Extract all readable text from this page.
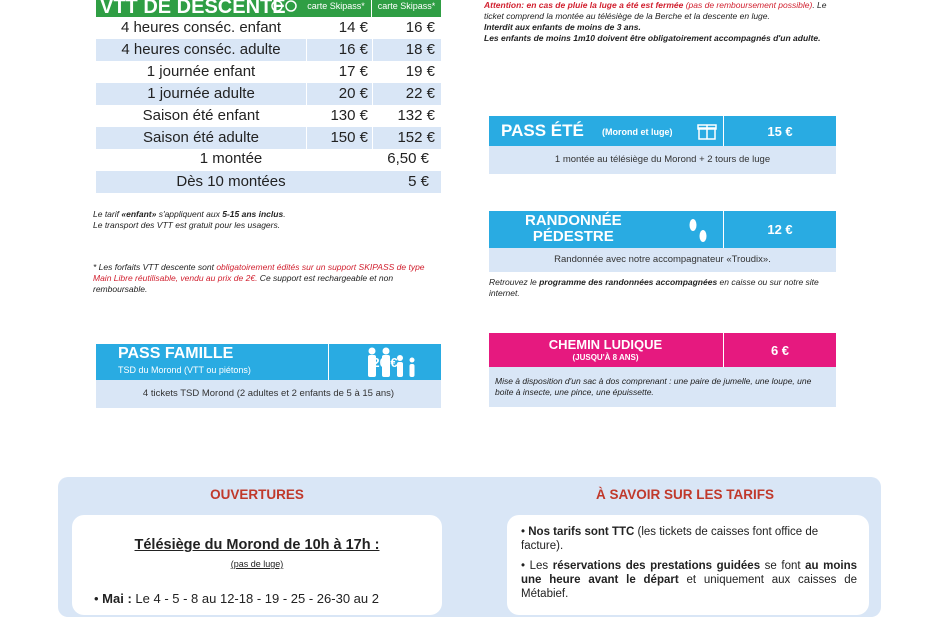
VTT DE DESCENTE	carte Skipass*	carte Skipass*
4 heures conséc. enfant	14 €	16 €
4 heures conséc. adulte	16 €	18 €
1 journée enfant	17 €	19 €
1 journée adulte	20 €	22 €
Saison été enfant	130 €	132 €
Saison été adulte	150 €	152 €
1 montée	6,50 €
Dès 10 montées	5 €
Le tarif «enfant» s'appliquent aux 5-15 ans inclus.
Le transport des VTT est gratuit pour les usagers.
* Les forfaits VTT descente sont obligatoirement édités sur un support SKIPASS de type Main Libre réutilisable, vendu au prix de 2€. Ce support est rechargeable et non remboursable.
PASS FAMILLE
TSD du Morond (VTT ou piétons)
20 €
4 tickets TSD Morond (2 adultes et 2 enfants de 5 à 15 ans)
Attention: en cas de pluie la luge a été est fermée (pas de remboursement possible). Le ticket comprend la montée au télésiège de la Berche et la descente en luge.
Interdit aux enfants de moins de 3 ans.
Les enfants de moins 1m10 doivent être obligatoirement accompagnés d'un adulte.
PASS ÉTÉ (Morond et luge)	15 €
1 montée au télésiège du Morond + 2 tours de luge
RANDONNÉE
PÉDESTRE	12 €
Randonnée avec notre accompagnateur «Troudix».
Retrouvez le programme des randonnées accompagnées en caisse ou sur notre site internet.
CHEMIN LUDIQUE
(JUSQU'À 8 ANS)	6 €
Mise à disposition d'un sac à dos comprenant : une paire de jumelle, une loupe, une boite à insecte, une pince, une épuissette.
OUVERTURES	À SAVOIR SUR LES TARIFS
Télésiège du Morond de 10h à 17h :
(pas de luge)
• Mai : Le 4 - 5 - 8 au 12-18 - 19 - 25 - 26-30 au 2
• Nos tarifs sont TTC (les tickets de caisses font office de facture).
• Les réservations des prestations guidées se font au moins une heure avant le départ et uniquement aux caisses de Métabief.
